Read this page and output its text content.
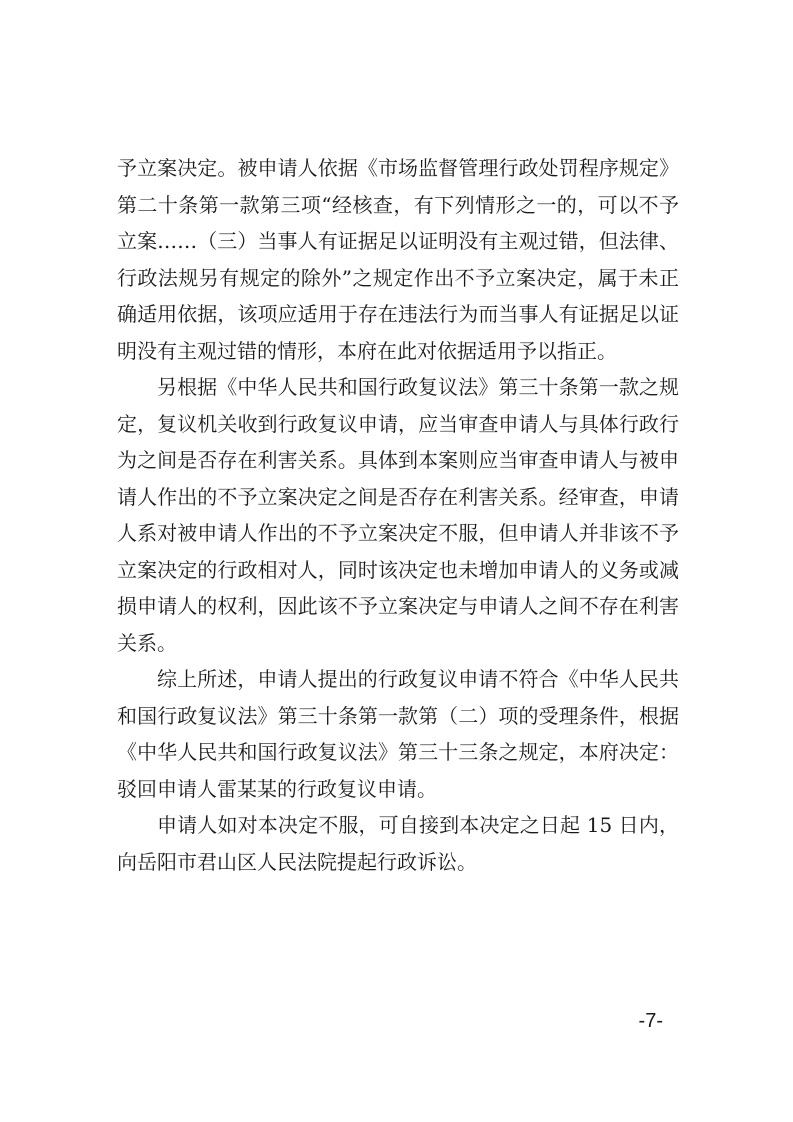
予立案决定。被申请人依据《市场监督管理行政处罚程序规定》第二十条第一款第三项“经核查，有下列情形之一的，可以不予立案……（三）当事人有证据足以证明没有主观过错，但法律、行政法规另有规定的除外”之规定作出不予立案决定，属于未正确适用依据，该项应适用于存在违法行为而当事人有证据足以证明没有主观过错的情形，本府在此对依据适用予以指正。

另根据《中华人民共和国行政复议法》第三十条第一款之规定，复议机关收到行政复议申请，应当审查申请人与具体行政行为之间是否存在利害关系。具体到本案则应当审查申请人与被申请人作出的不予立案决定之间是否存在利害关系。经审查，申请人系对被申请人作出的不予立案决定不服，但申请人并非该不予立案决定的行政相对人，同时该决定也未增加申请人的义务或减损申请人的权利，因此该不予立案决定与申请人之间不存在利害关系。

综上所述，申请人提出的行政复议申请不符合《中华人民共和国行政复议法》第三十条第一款第（二）项的受理条件，根据《中华人民共和国行政复议法》第三十三条之规定，本府决定：驳回申请人雷某某的行政复议申请。

申请人如对本决定不服，可自接到本决定之日起 15 日内，向岳阳市君山区人民法院提起行政诉讼。

-7-
